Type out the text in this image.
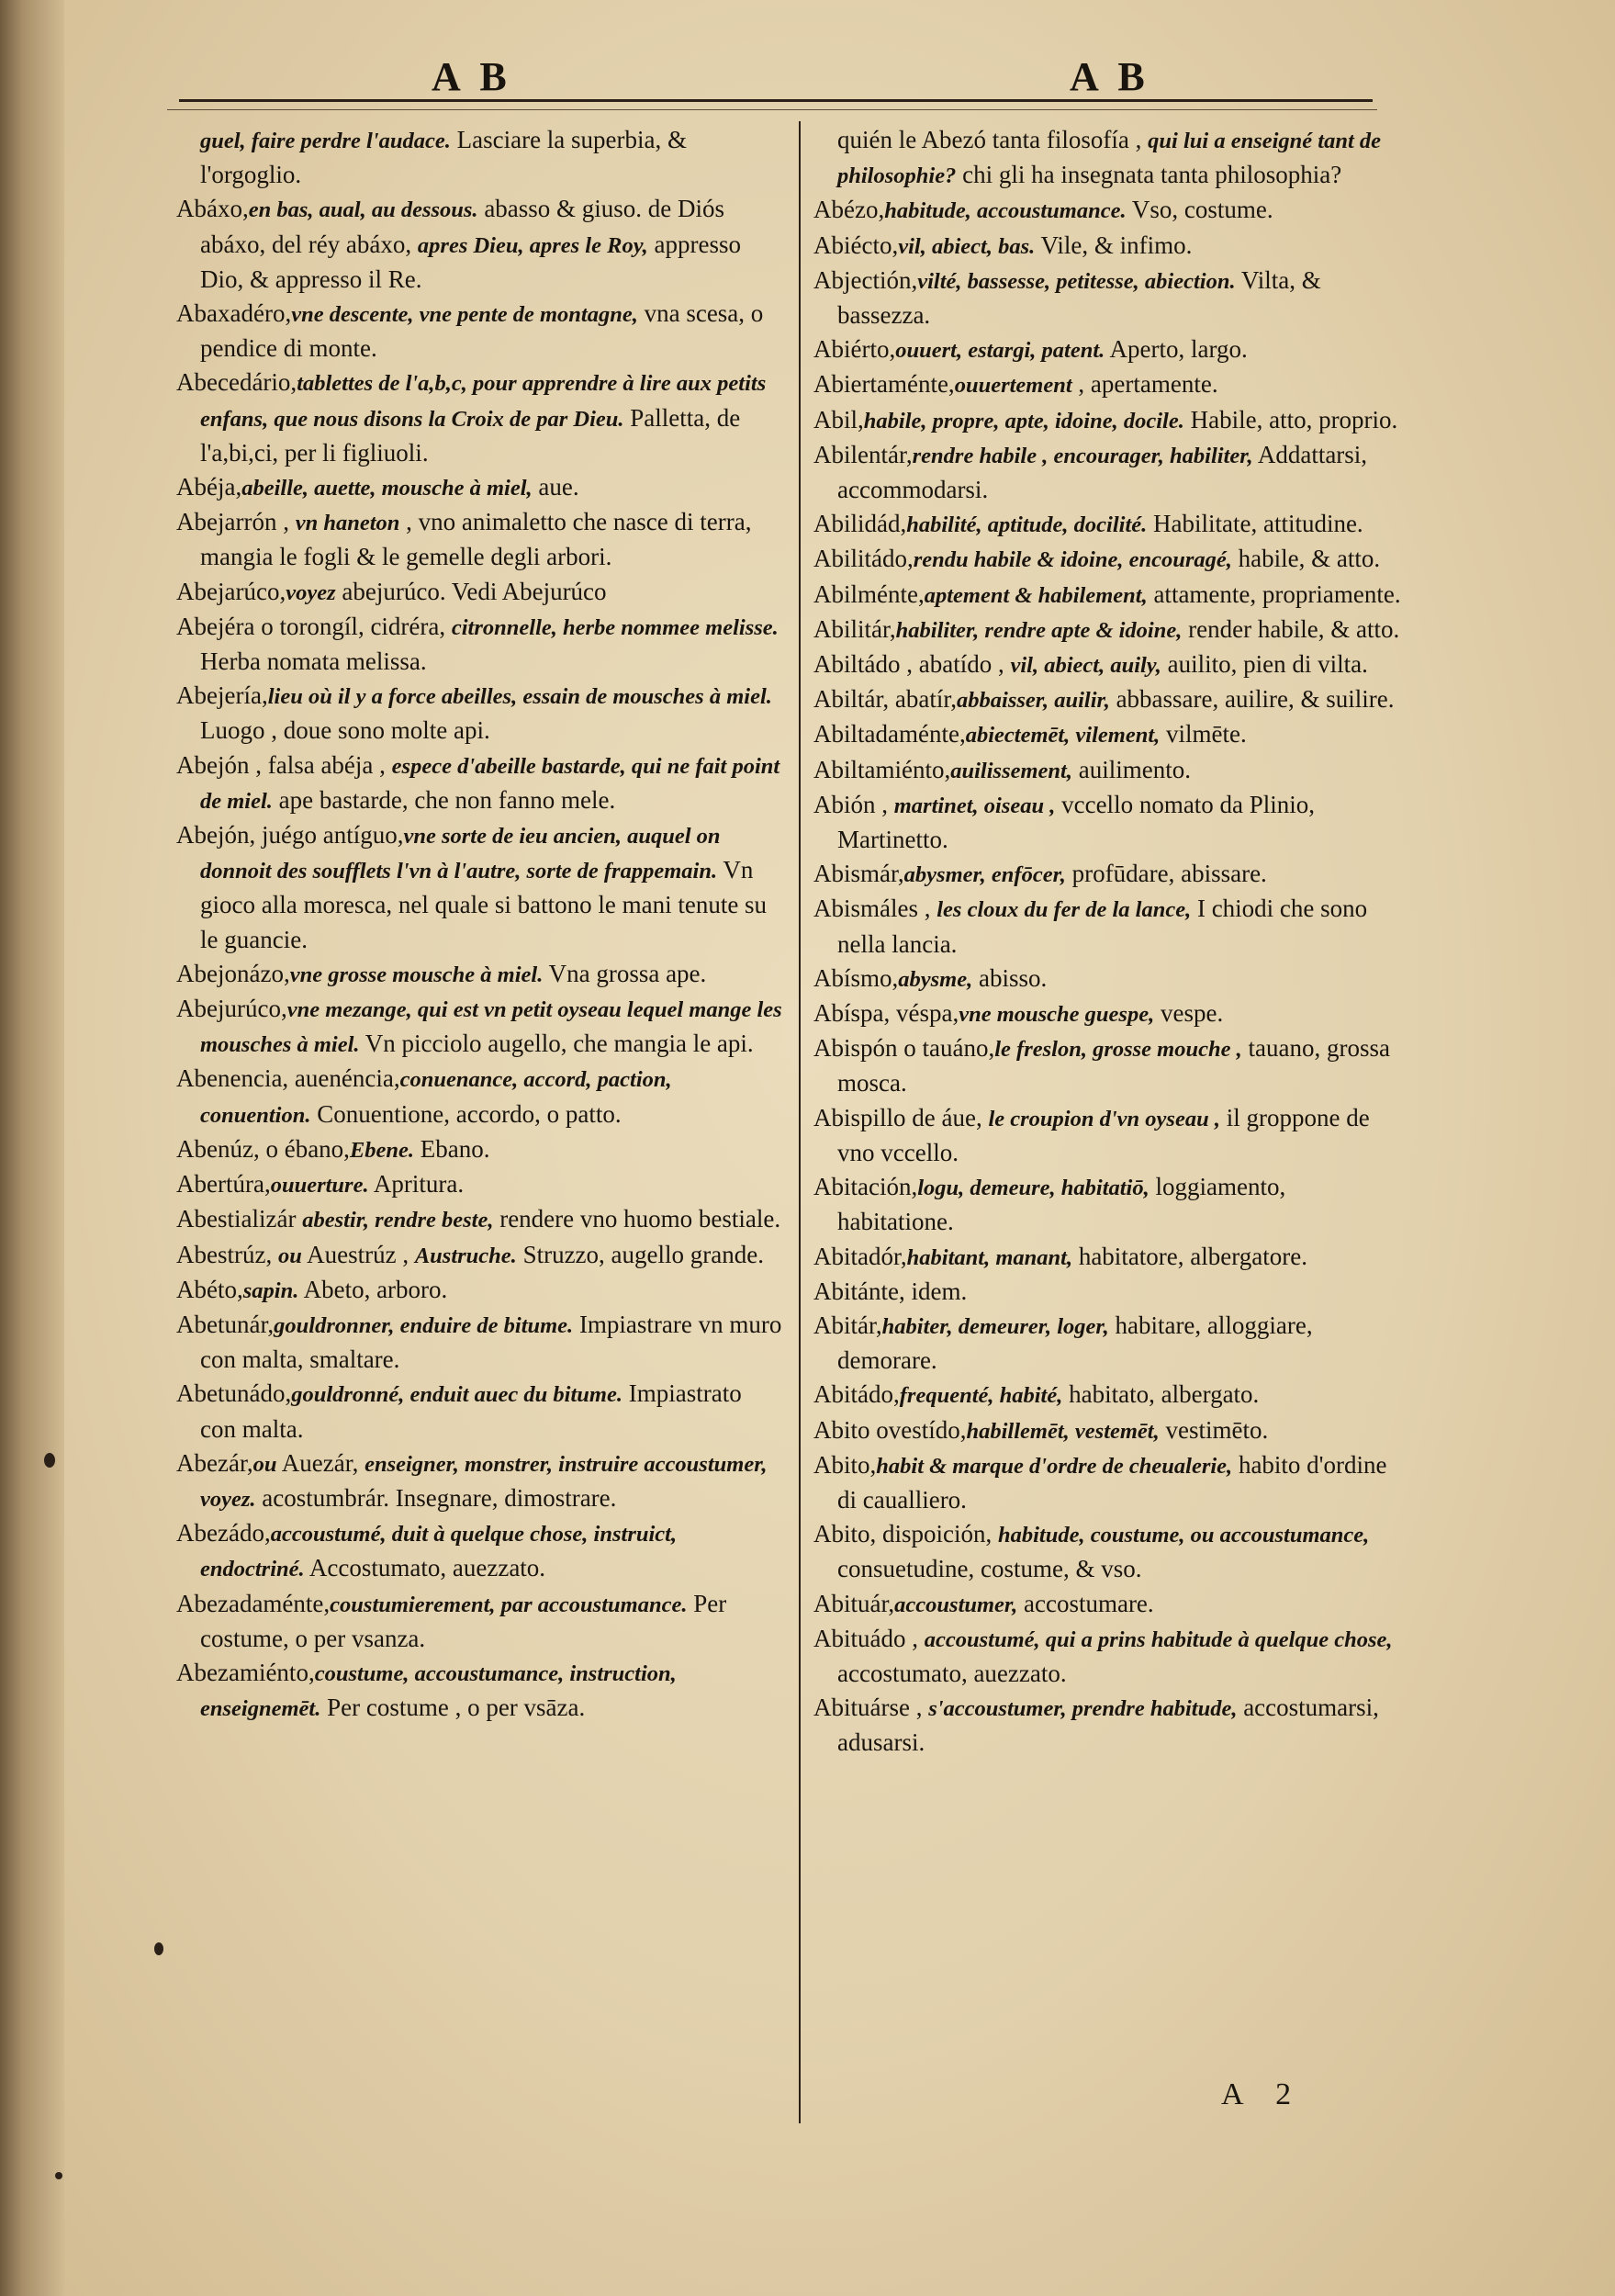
A B	A B
guel, faire perdre l'audace. Lasciare la superbia, & l'orgoglio.
Abáxo,en bas, aual, au dessous. abasso & giuso. de Diós abáxo, del réy abáxo, apres Dieu, apres le Roy, appresso Dio, & appresso il Re.
Abaxadéro,vne descente, vne pente de montagne, vna scesa, o pendice di monte.
Abecedário,tablettes de l'a,b,c, pour apprendre à lire aux petits enfans, que nous disons la Croix de par Dieu. Palletta, de l'a,bi,ci, per li figliuoli.
Abéja,abeille, auette, mousche à miel, aue.
Abejarrón , vn haneton , vno animaletto che nasce di terra, mangia le fogli & le gemelle degli arbori.
Abejarúco,voyez abejurúco. Vedi Abejurúco
Abejéra o torongíl, cidréra, citronnelle, herbe nommee melisse. Herba nomata melissa.
Abejería,lieu où il y a force abeilles, essain de mousches à miel. Luogo , doue sono molte api.
Abejón , falsa abéja , espece d'abeille bastarde, qui ne fait point de miel. ape bastarde, che non fanno mele.
Abejón, juégo antíguo,vne sorte de ieu ancien, auquel on donnoit des soufflets l'vn à l'autre, sorte de frappemain. Vn gioco alla moresca, nel quale si battono le mani tenute su le guancie.
Abejonázo,vne grosse mousche à miel. Vna grossa ape.
Abejurúco,vne mezange, qui est vn petit oyseau lequel mange les mousches à miel. Vn picciolo augello, che mangia le api.
Abenencia, auenéncia,conuenance, accord, paction, conuention. Conuentione, accordo, o patto.
Abenúz, o ébano,Ebene. Ebano.
Abertúra,ouuerture. Apritura.
Abestializár abestir, rendre beste, rendere vno huomo bestiale.
Abestrúz, ou Auestrúz , Austruche. Struzzo, augello grande.
Abéto,sapin. Abeto, arboro.
Abetunár,gouldronner, enduire de bitume. Impiastrare vn muro con malta, smaltare.
Abetunádo,gouldronné, enduit auec du bitume. Impiastrato con malta.
Abezár,ou Auezár, enseigner, monstrer, instruire accoustumer, voyez. acostumbrár. Insegnare, dimostrare.
Abezádo,accoustumé, duit à quelque chose, instruict, endoctriné. Accostumato, auezzato.
Abezadaménte,coustumierement, par accoustumance. Per costume, o per vsanza.
Abezamiénto,coustume, accoustumance, instruction, enseignemēt. Per costume , o per vsāza.
quién le Abezó tanta filosofía , qui lui a enseigné tant de philosophie? chi gli ha insegnata tanta philosophia?
Abézo,habitude, accoustumance. Vso, costume.
Abiécto,vil, abiect, bas. Vile, & infimo.
Abjectión,vilté, bassesse, petitesse, abiection. Vilta, & bassezza.
Abiérto,ouuert, estargi, patent. Aperto, largo.
Abiertaménte,ouuertement , apertamente.
Abil,habile, propre, apte, idoine, docile. Habile, atto, proprio.
Abilentár,rendre habile , encourager, habiliter, Addattarsi, accommodarsi.
Abilidád,habilité, aptitude, docilité. Habilitate, attitudine.
Abilitádo,rendu habile & idoine, encouragé, habile, & atto.
Abilménte,aptement & habilement, attamente, propriamente.
Abilitár,habiliter, rendre apte & idoine, render habile, & atto.
Abiltádo , abatído , vil, abiect, auily, auilito, pien di vilta.
Abiltár, abatír,abbaisser, auilir, abbassare, auilire, & suilire.
Abiltadaménte,abiectemēt, vilement, vilmēte.
Abiltamiénto,auilissement, auilimento.
Abión , martinet, oiseau , vccello nomato da Plinio, Martinetto.
Abismár,abysmer, enfōcer, profūdare, abissare.
Abismáles , les cloux du fer de la lance, I chiodi che sono nella lancia.
Abísmo,abysme, abisso.
Abíspa, véspa,vne mousche guespe, vespe.
Abispón o tauáno,le freslon, grosse mouche , tauano, grossa mosca.
Abispillo de áue, le croupion d'vn oyseau , il groppone de vno vccello.
Abitación,logu, demeure, habitatiō, loggiamento, habitatione.
Abitadór,habitant, manant, habitatore, albergatore.
Abitánte, idem.
Abitár,habiter, demeurer, loger, habitare, alloggiare, demorare.
Abitádo,frequenté, habité, habitato, albergato.
Abito ovestído,habillemēt, vestemēt, vestimēto.
Abito,habit & marque d'ordre de cheualerie, habito d'ordine di caualliero.
Abito, dispoición, habitude, coustume, ou accoustumance, consuetudine, costume, & vso.
Abituár,accoustumer, accostumare.
Abituádo , accoustumé, qui a prins habitude à quelque chose, accostumato, auezzato.
Abituárse , s'accoustumer, prendre habitude, accostumarsi, adusarsi.
A 2
